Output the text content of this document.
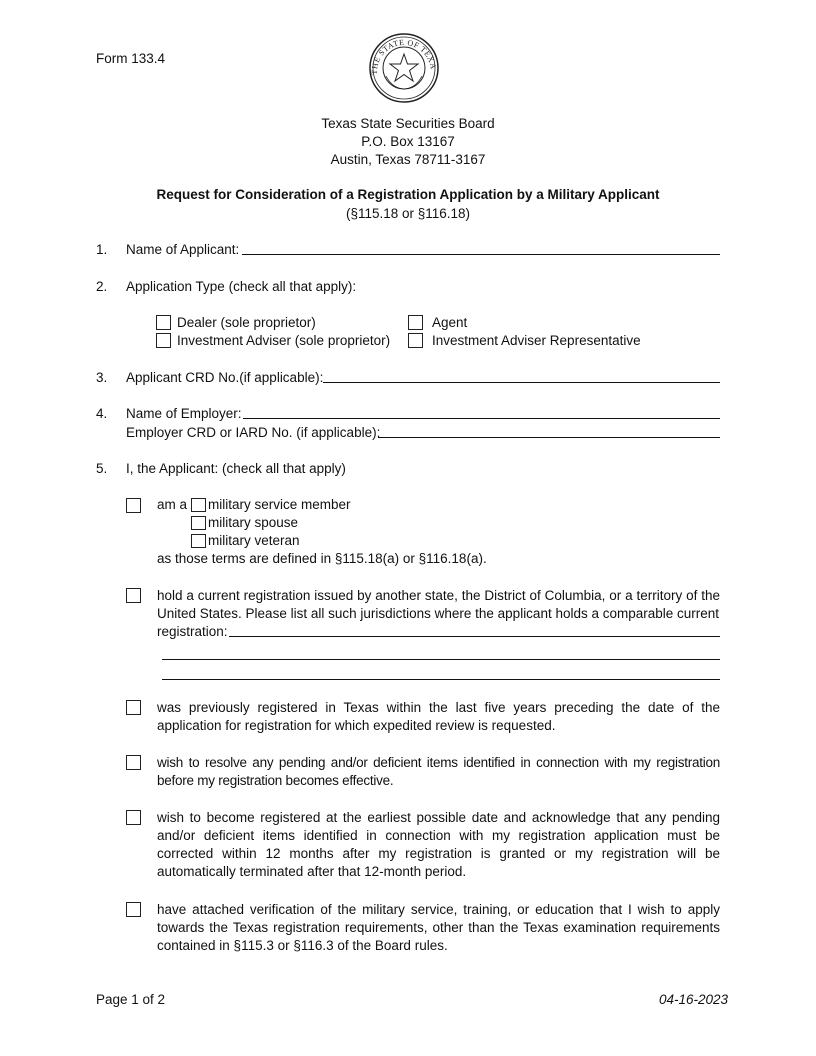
Form 133.4
THE STATE OF TEXA
Texas State Securities Board
P.O. Box 13167
Austin, Texas 78711-3167
Request for Consideration of a Registration Application by a Military Applicant
(§115.18 or §116.18)
1. Name of Applicant:
2. Application Type (check all that apply):
Dealer (sole proprietor)	Agent
Investment Adviser (sole proprietor)	Investment Adviser Representative
3. Applicant CRD No.(if applicable):
4. Name of Employer:
Employer CRD or IARD No. (if applicable):
5. I, the Applicant: (check all that apply)
am a military service member
military spouse
military veteran
as those terms are defined in §115.18(a) or §116.18(a).
hold a current registration issued by another state, the District of Columbia, or a territory of the United States. Please list all such jurisdictions where the applicant holds a comparable current
registration:
was previously registered in Texas within the last five years preceding the date of the application for registration for which expedited review is requested.
wish to resolve any pending and/or deficient items identified in connection with my registration before my registration becomes effective.
wish to become registered at the earliest possible date and acknowledge that any pending and/or deficient items identified in connection with my registration application must be corrected within 12 months after my registration is granted or my registration will be automatically terminated after that 12-month period.
have attached verification of the military service, training, or education that I wish to apply towards the Texas registration requirements, other than the Texas examination requirements contained in §115.3 or §116.3 of the Board rules.
Page 1 of 2	04-16-2023
